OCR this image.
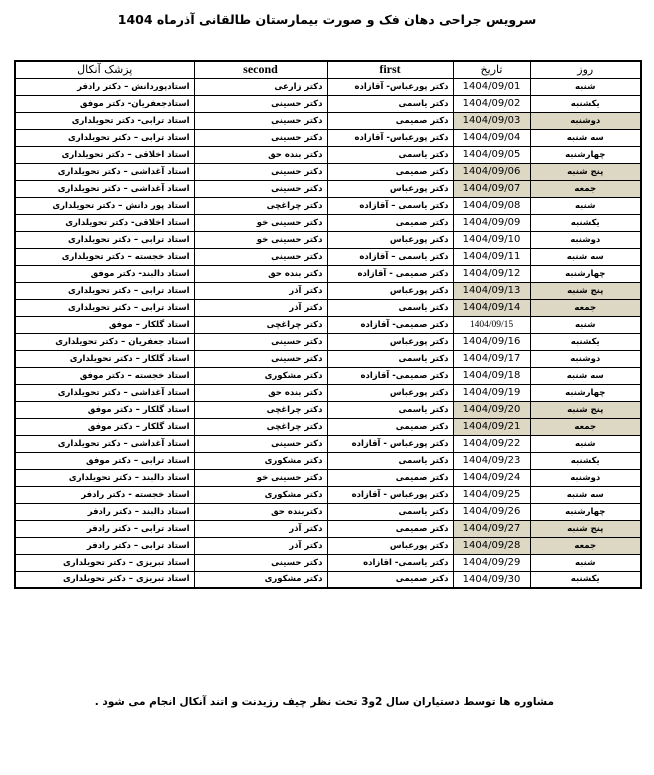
سرویس جراحی دهان فک و صورت بیمارستان طالقانی آذرماه 1404
روز	تاریخ	first	second	پزشک آنکال
شنبه	1404/09/01	دکتر پورعباس- آقازاده	دکتر زارعی	استادپوردانش – دکتر رادفر
یکشنبه	1404/09/02	دکتر یاسمی	دکتر حسینی	استادجعفریان- دکتر موفق
دوشنبه	1404/09/03	دکتر صمیمی	دکتر حسینی	استاد ترابی- دکتر تحویلداری
سه شنبه	1404/09/04	دکتر پورعباس- آقازاده	دکتر حسینی	استاد ترابی – دکتر تحویلداری
چهارشنبه	1404/09/05	دکتر یاسمی	دکتر بنده حق	استاد اخلاقی – دکتر تحویلداری
پنج شنبه	1404/09/06	دکتر صمیمی	دکتر حسینی	استاد آغداشی – دکتر تحویلداری
جمعه	1404/09/07	دکتر پورعباس	دکتر حسینی	استاد آغداشی – دکتر تحویلداری
شنبه	1404/09/08	دکتر یاسمی – آقازاده	دکتر چراغچی	استاد پور دانش – دکتر تحویلداری
یکشنبه	1404/09/09	دکتر صمیمی	دکتر حسینی خو	استاد اخلاقی- دکتر تحویلداری
دوشنبه	1404/09/10	دکتر پورعباس	دکتر حسینی خو	استاد ترابی – دکتر تحویلداری
سه شنبه	1404/09/11	دکتر یاسمی – آقازاده	دکتر حسینی	استاد خجسته – دکتر تحویلداری
چهارشنبه	1404/09/12	دکتر صمیمی - آقازاده	دکتر بنده حق	استاد دالبند- دکتر موفق
پنج شنبه	1404/09/13	دکتر پورعباس	دکتر آذر	استاد ترابی – دکتر تحویلداری
جمعه	1404/09/14	دکتر یاسمی	دکتر آذر	استاد ترابی – دکتر تحویلداری
شنبه	1404/09/15	دکتر صمیمی- آقازاده	دکتر چراغچی	استاد گلکار – موفق
یکشنبه	1404/09/16	دکتر پورعباس	دکتر حسینی	استاد جعفریان – دکتر تحویلداری
دوشنبه	1404/09/17	دکتر یاسمی	دکتر حسینی	استاد گلکار – دکتر تحویلداری
سه شنبه	1404/09/18	دکتر صمیمی- آقازاده	دکتر مشکوری	استاد خجسته – دکتر موفق
چهارشنبه	1404/09/19	دکتر پورعباس	دکتر بنده حق	استاد آغداشی – دکتر تحویلداری
پنج شنبه	1404/09/20	دکتر یاسمی	دکتر چراغچی	استاد گلکار – دکتر موفق
جمعه	1404/09/21	دکتر صمیمی	دکتر چراغچی	استاد گلکار – دکتر موفق
شنبه	1404/09/22	دکتر پورعباس - آقازاده	دکتر حسینی	استاد آغداشی – دکتر تحویلداری
یکشنبه	1404/09/23	دکتر یاسمی	دکتر مشکوری	استاد ترابی – دکتر موفق
دوشنبه	1404/09/24	دکتر صمیمی	دکتر حسینی خو	استاد دالبند – دکتر تحویلداری
سه شنبه	1404/09/25	دکتر پورعباس - آقازاده	دکتر مشکوری	استاد خجسته - دکتر رادفر
چهارشنبه	1404/09/26	دکتر یاسمی	دکتربنده حق	استاد دالبند – دکتر رادفر
پنج شنبه	1404/09/27	دکتر صمیمی	دکتر آذر	استاد ترابی – دکتر رادفر
جمعه	1404/09/28	دکتر پورعباس	دکتر آذر	استاد ترابی – دکتر رادفر
شنبه	1404/09/29	دکتر یاسمی- اقازاده	دکتر حسینی	استاد تبریزی – دکتر تحویلداری
یکشنبه	1404/09/30	دکتر صمیمی	دکتر مشکوری	استاد تبریزی – دکتر تحویلداری
مشاوره ها توسط دستیاران سال 2و3 تحت نظر چیف رزیدنت و اتند آنکال انجام می شود .
